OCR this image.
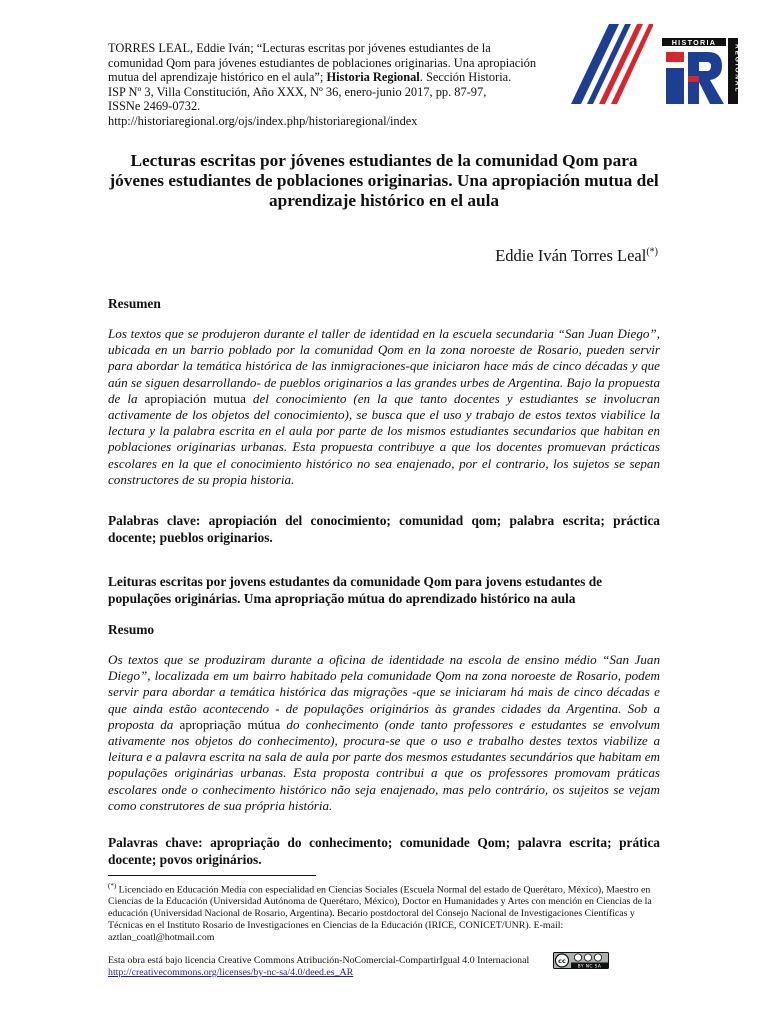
TORRES LEAL, Eddie Iván; “Lecturas escritas por jóvenes estudiantes de la
comunidad Qom para jóvenes estudiantes de poblaciones originarias. Una apropiación
mutua del aprendizaje histórico en el aula”; Historia Regional. Sección Historia.
ISP Nº 3, Villa Constitución, Año XXX, Nº 36, enero-junio 2017, pp. 87-97,
ISSNe 2469-0732.
http://historiaregional.org/ojs/index.php/historiaregional/index
HISTORIA
REGIONAL
Lecturas escritas por jóvenes estudiantes de la comunidad Qom para jóvenes estudiantes de poblaciones originarias. Una apropiación mutua del aprendizaje histórico en el aula
Eddie Iván Torres Leal(*)
Resumen
Los textos que se produjeron durante el taller de identidad en la escuela secundaria “San Juan Diego”, ubicada en un barrio poblado por la comunidad Qom en la zona noroeste de Rosario, pueden servir para abordar la temática histórica de las inmigraciones-que iniciaron hace más de cinco décadas y que aún se siguen desarrollando- de pueblos originarios a las grandes urbes de Argentina. Bajo la propuesta de la apropiación mutua del conocimiento (en la que tanto docentes y estudiantes se involucran activamente de los objetos del conocimiento), se busca que el uso y trabajo de estos textos viabilice la lectura y la palabra escrita en el aula por parte de los mismos estudiantes secundarios que habitan en poblaciones originarias urbanas. Esta propuesta contribuye a que los docentes promuevan prácticas escolares en la que el conocimiento histórico no sea enajenado, por el contrario, los sujetos se sepan constructores de su propia historia.
Palabras clave: apropiación del conocimiento; comunidad qom; palabra escrita; práctica docente; pueblos originarios.
Leituras escritas por jovens estudantes da comunidade Qom para jovens estudantes de populações originárias. Uma apropriação mútua do aprendizado histórico na aula
Resumo
Os textos que se produziram durante a oficina de identidade na escola de ensino médio “San Juan Diego”, localizada em um bairro habitado pela comunidade Qom na zona noroeste de Rosario, podem servir para abordar a temática histórica das migrações -que se iniciaram há mais de cinco décadas e que ainda estão acontecendo - de populações originários às grandes cidades da Argentina. Sob a proposta da apropriação mútua do conhecimento (onde tanto professores e estudantes se envolvum ativamente nos objetos do conhecimento), procura-se que o uso e trabalho destes textos viabilize a leitura e a palavra escrita na sala de aula por parte dos mesmos estudantes secundários que habitam em populações originárias urbanas. Esta proposta contribui a que os professores promovam práticas escolares onde o conhecimento histórico não seja enajenado, mas pelo contrário, os sujeitos se vejam como construtores de sua própria história.
Palavras chave: apropriação do conhecimento; comunidade Qom; palavra escrita; prática docente; povos originários.
(*) Licenciado en Educación Media con especialidad en Ciencias Sociales (Escuela Normal del estado de Querétaro, México), Maestro en Ciencias de la Educación (Universidad Autónoma de Querétaro, México), Doctor en Humanidades y Artes con mención en Ciencias de la educación (Universidad Nacional de Rosario, Argentina). Becario postdoctoral del Consejo Nacional de Investigaciones Científicas y Técnicas en el Instituto Rosario de Investigaciones en Ciencias de la Educación (IRICE, CONICET/UNR). E-mail: aztlan_coatl@hotmail.com
Esta obra está bajo licencia Creative Commons Atribución-NoComercial-CompartirIgual 4.0 Internacional
http://creativecommons.org/licenses/by-nc-sa/4.0/deed.es_AR
cc
BY NC SA
